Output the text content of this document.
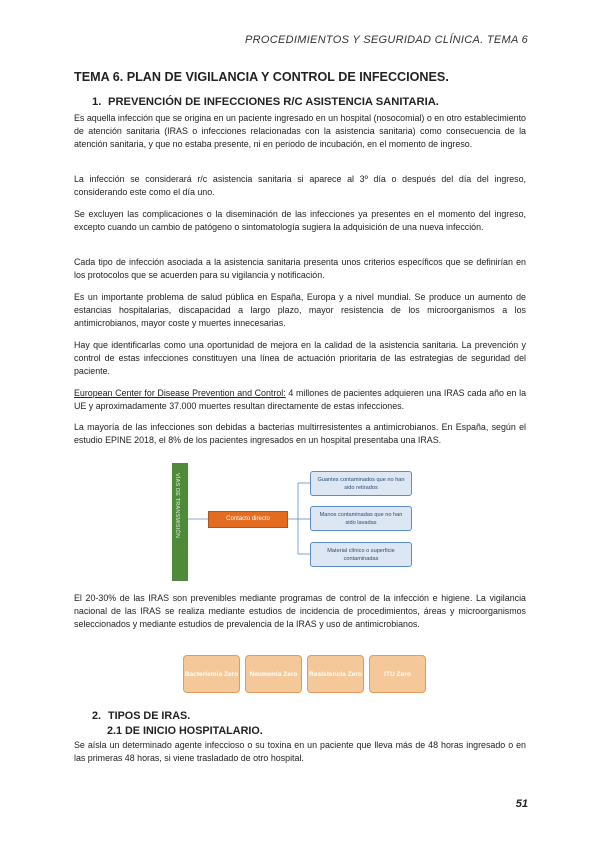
PROCEDIMIENTOS Y SEGURIDAD CLÍNICA. TEMA 6
TEMA 6. PLAN DE VIGILANCIA Y CONTROL DE INFECCIONES.
1. PREVENCIÓN DE INFECCIONES R/C ASISTENCIA SANITARIA.

Es aquella infección que se origina en un paciente ingresado en un hospital (nosocomial) o en otro establecimiento de atención sanitaria (IRAS o infecciones relacionadas con la asistencia sanitaria) como consecuencia de la atención sanitaria, y que no estaba presente, ni en periodo de incubación, en el momento de ingreso.

La infección se considerará r/c asistencia sanitaria si aparece al 3º día o después del día del ingreso, considerando este como el día uno.

Se excluyen las complicaciones o la diseminación de las infecciones ya presentes en el momento del ingreso, excepto cuando un cambio de patógeno o sintomatología sugiera la adquisición de una nueva infección.

Cada tipo de infección asociada a la asistencia sanitaria presenta unos criterios específicos que se definirían en los protocolos que se acuerden para su vigilancia y notificación.

Es un importante problema de salud pública en España, Europa y a nivel mundial. Se produce un aumento de estancias hospitalarias, discapacidad a largo plazo, mayor resistencia de los microorganismos a los antimicrobianos, mayor coste y muertes innecesarias.

Hay que identificarlas como una oportunidad de mejora en la calidad de la asistencia sanitaria. La prevención y control de estas infecciones constituyen una línea de actuación prioritaria de las estrategias de seguridad del paciente.

European Center for Disease Prevention and Control: 4 millones de pacientes adquieren una IRAS cada año en la UE y aproximadamente 37.000 muertes resultan directamente de estas infecciones.

La mayoría de las infecciones son debidas a bacterias multirresistentes a antimicrobianos. En España, según el estudio EPINE 2018, el 8% de los pacientes ingresados en un hospital presentaba una IRAS.

VÍAS DE TRANSMISIÓN	Contacto directo
Guantes contaminados que no han sido retirados
Manos contaminadas que no han sido lavadas
Material clínico o superficie contaminadas

El 20-30% de las IRAS son prevenibles mediante programas de control de la infección e higiene. La vigilancia nacional de las IRAS se realiza mediante estudios de incidencia de procedimientos, áreas y microorganismos seleccionados y mediante estudios de prevalencia de la IRAS y uso de antimicrobianos.

Bacteriemia Zero	Neumonía Zero	Resistencia Zero	ITU Zero
2. TIPOS DE IRAS.
2.1 DE INICIO HOSPITALARIO.

Se aísla un determinado agente infeccioso o su toxina en un paciente que lleva más de 48 horas ingresado o en las primeras 48 horas, si viene trasladado de otro hospital.

51
